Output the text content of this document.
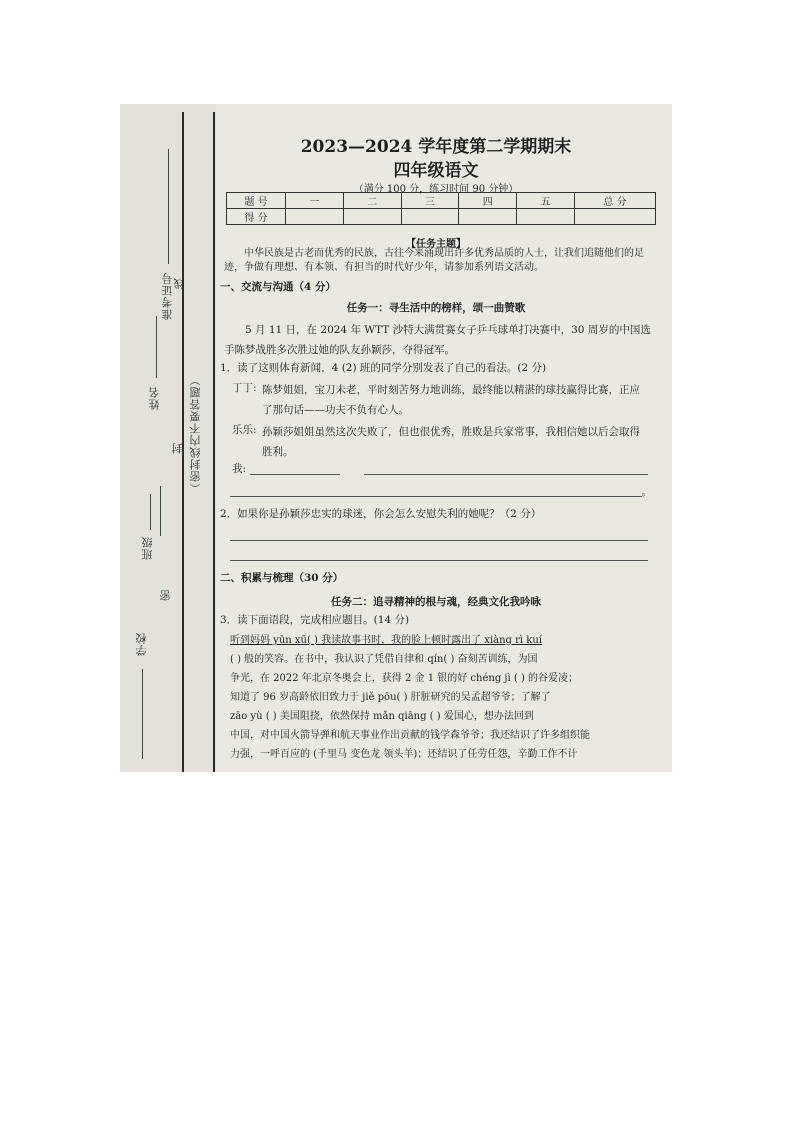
准考证号 线
姓名	（密封线内不要答题）
封
班级
密
学校
2023—2024 学年度第二学期期末
四年级语文
（满分 100 分，练习时间 90 分钟）
题 号	一	二	三	四	五	总 分
得 分						
【任务主题】
中华民族是古老而优秀的民族，古往今来涌现出许多优秀品质的人士，让我们追随他们的足迹，争做有理想、有本领、有担当的时代好少年，请参加系列语文活动。
一、交流与沟通（4 分）
任务一：寻生活中的榜样，颂一曲赞歌
5 月 11 日，在 2024 年 WTT 沙特大满贯赛女子乒乓球单打决赛中，30 周岁的中国选手陈梦战胜多次胜过她的队友孙颖莎，夺得冠军。
1．读了这则体育新闻，4 (2) 班的同学分别发表了自己的看法。(2 分)
丁丁: 陈梦姐姐，宝刀未老，平时刻苦努力地训练，最终能以精湛的球技赢得比赛，正应了那句话——功夫不负有心人。
乐乐: 孙颖莎姐姐虽然这次失败了，但也很优秀，胜败是兵家常事，我相信她以后会取得胜利。
我:
。
2．如果你是孙颖莎忠实的球迷，你会怎么安慰失利的她呢？（2 分）
二、积累与梳理（30 分）
任务二：追寻精神的根与魂，经典文化我吟咏
3．读下面语段，完成相应题目。(14 分)
听到妈妈 yūn xū( ) 我读故事书时，我的脸上顿时露出了 xiàng rì kuí
( ) 般的笑容。在书中，我认识了凭借自律和 qín( ) 奋刻苦训练，为国
争光，在 2022 年北京冬奥会上，获得 2 金 1 银的好 chéng jì ( ) 的谷爱凌；
知道了 96 岁高龄依旧致力于 jiě pōu( ) 肝脏研究的吴孟超爷爷；了解了
zāo yù ( ) 美国阻挠，依然保持 mǎn qiāng ( ) 爱国心，想办法回到
中国，对中国火箭导弹和航天事业作出贡献的钱学森爷爷；我还结识了许多组织能
力强，一呼百应的 (千里马 变色龙 领头羊)；还结识了任劳任怨，辛勤工作不计
